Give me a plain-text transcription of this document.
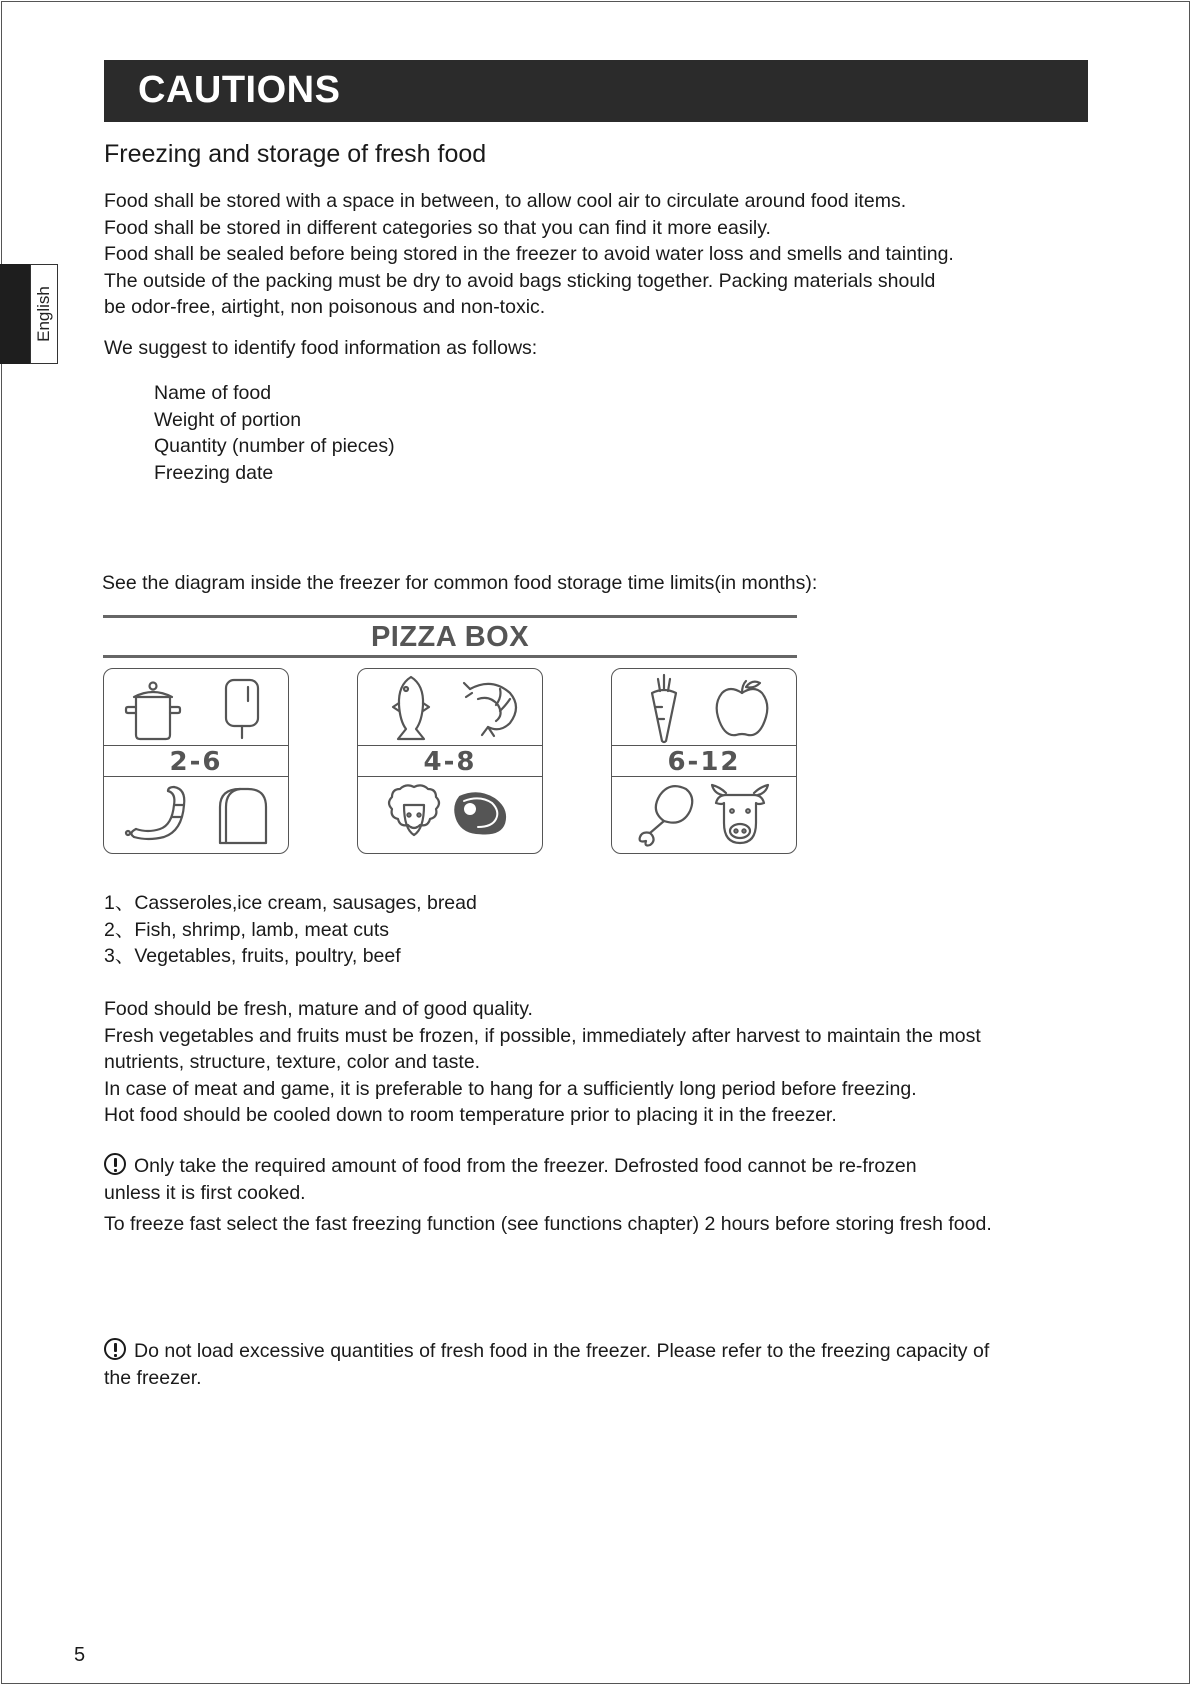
CAUTIONS
English
Freezing and storage of fresh food
Food shall be stored with a space in between, to allow cool air to circulate around food items.
Food shall be stored in different categories so that you can find it more easily.
Food shall be sealed before being stored in the freezer to avoid water loss and smells and tainting.
The outside of the packing must be dry to avoid bags sticking together. Packing materials should
be odor-free, airtight, non poisonous and non-toxic.
We suggest to identify food information as follows:
Name of food
Weight of portion
Quantity (number of pieces)
Freezing date
See the diagram inside the freezer for common food storage time limits(in months):
PIZZA BOX
2-6	4-8	6-12
1、Casseroles,ice cream, sausages, bread
2、Fish, shrimp, lamb, meat cuts
3、Vegetables, fruits, poultry, beef
Food should be fresh, mature and of good quality.
Fresh vegetables and fruits must be frozen, if possible, immediately after harvest to maintain the most
nutrients, structure, texture, color and taste.
In case of meat and game, it is preferable to hang for a sufficiently long period before freezing.
Hot food should be cooled down to room temperature prior to placing it in the freezer.
Only take the required amount of food from the freezer. Defrosted food cannot be re-frozen
unless it is first cooked.
To freeze fast select the fast freezing function (see functions chapter) 2 hours before storing fresh food.
Do not load excessive quantities of fresh food in the freezer. Please refer to the freezing capacity of
the freezer.
5
